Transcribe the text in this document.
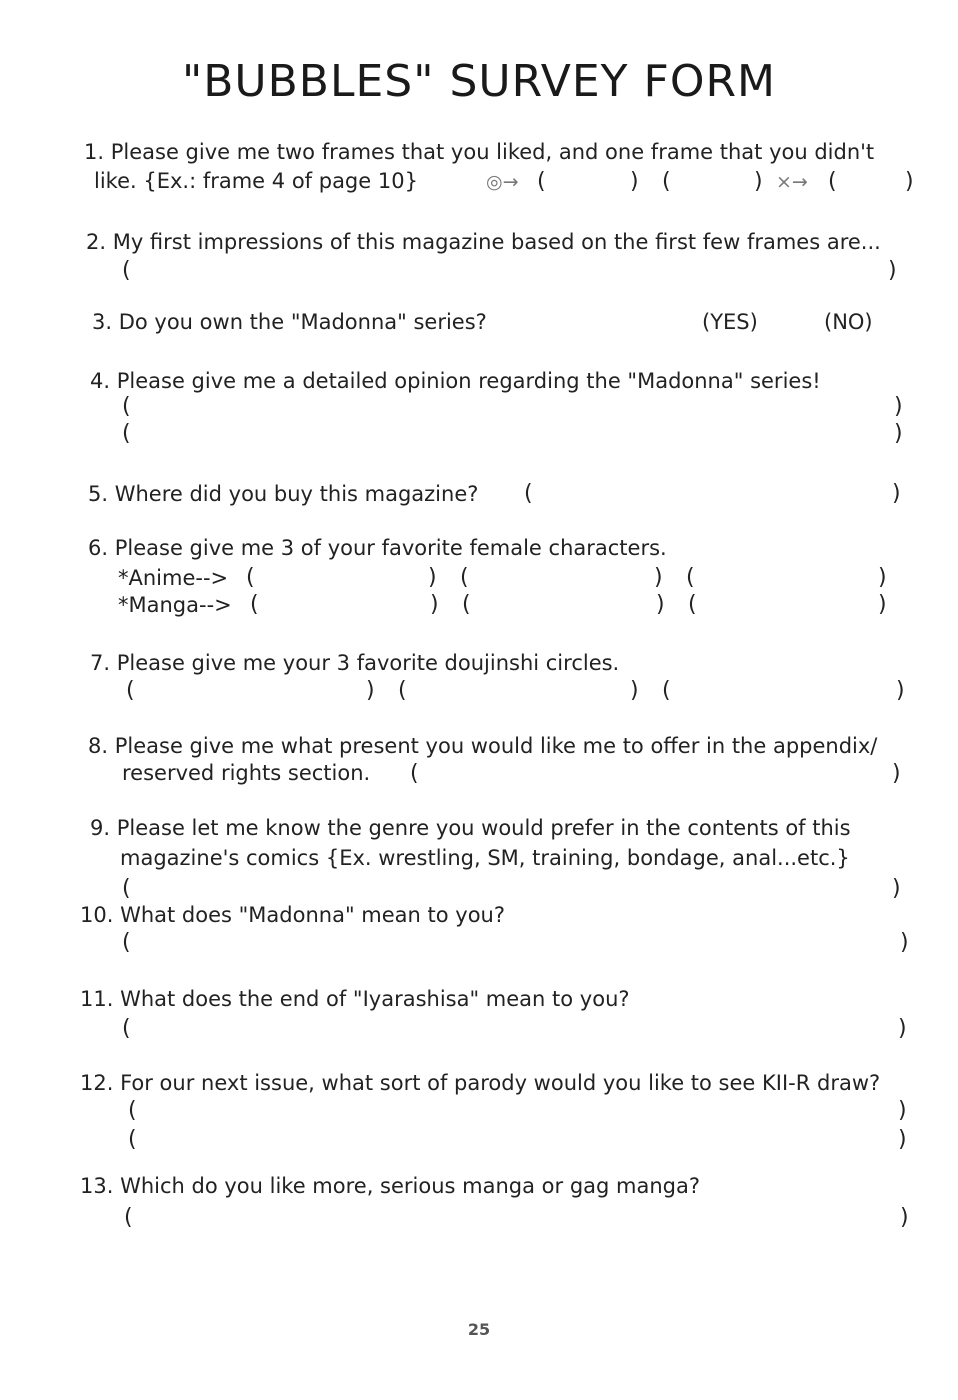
"BUBBLES" SURVEY FORM
1. Please give me two frames that you liked, and one frame that you didn't
like. {Ex.: frame 4 of page 10}	◎→ (	) (	) ×→ (	)
2. My first impressions of this magazine based on the first few frames are...
(	)
3. Do you own the "Madonna" series?	(YES)	(NO)
4. Please give me a detailed opinion regarding the "Madonna" series!
(	)
(	)
5. Where did you buy this magazine? (	)
6. Please give me 3 of your favorite female characters.
*Anime--> (	) (	) (	)
*Manga--> (	) (	) (	)
7. Please give me your 3 favorite doujinshi circles.
(	) (	) (	)
8. Please give me what present you would like me to offer in the appendix/
reserved rights section. (	)
9. Please let me know the genre you would prefer in the contents of this
magazine's comics {Ex. wrestling, SM, training, bondage, anal...etc.}
(	)
10. What does "Madonna" mean to you?
(	)
11. What does the end of "Iyarashisa" mean to you?
(	)
12. For our next issue, what sort of parody would you like to see KII-R draw?
(	)
(	)
13. Which do you like more, serious manga or gag manga?
(	)
25
